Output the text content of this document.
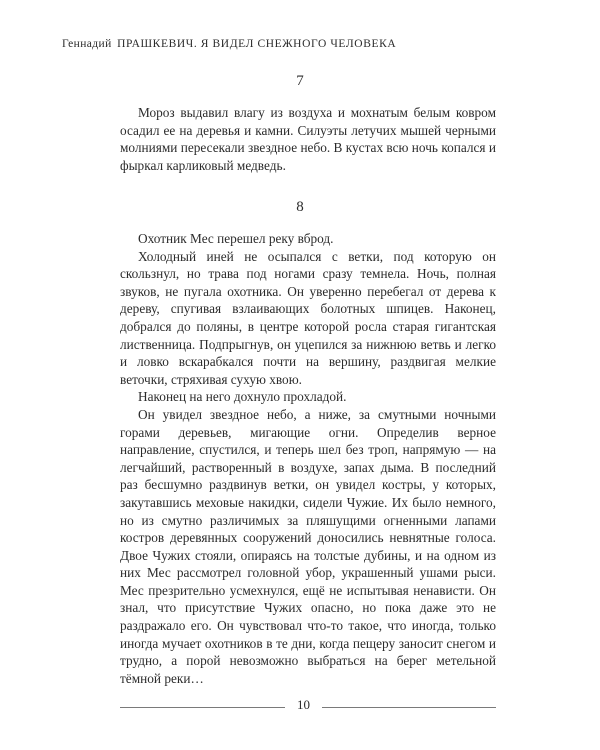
Геннадий ПРАШКЕВИЧ. Я ВИДЕЛ СНЕЖНОГО ЧЕЛОВЕКА
7

Мороз выдавил влагу из воздуха и мохнатым белым ковром осадил ее на деревья и камни. Силуэты летучих мышей черными молниями пересекали звездное небо. В кустах всю ночь копался и фыркал карликовый медведь.

8

Охотник Мес перешел реку вброд.

Холодный иней не осыпался с ветки, под которую он скользнул, но трава под ногами сразу темнела. Ночь, полная звуков, не пугала охотника. Он уверенно перебегал от дерева к дереву, спугивая взлаивающих болотных шпицев. Наконец, добрался до поляны, в центре которой росла старая гигантская лиственница. Подпрыгнув, он уцепился за нижнюю ветвь и легко и ловко вскарабкался почти на вершину, раздвигая мелкие веточки, стряхивая сухую хвою.

Наконец на него дохнуло прохладой.

Он увидел звездное небо, а ниже, за смутными ночными горами деревьев, мигающие огни. Определив верное направление, спустился, и теперь шел без троп, напрямую — на легчайший, растворенный в воздухе, запах дыма. В последний раз бесшумно раздвинув ветки, он увидел костры, у которых, закутавшись меховые накидки, сидели Чужие. Их было немного, но из смутно различимых за пляшущими огненными лапами костров деревянных сооружений доносились невнятные голоса. Двое Чужих стояли, опираясь на толстые дубины, и на одном из них Мес рассмотрел головной убор, украшенный ушами рыси. Мес презрительно усмехнулся, ещё не испытывая ненависти. Он знал, что присутствие Чужих опасно, но пока даже это не раздражало его. Он чувствовал что-то такое, что иногда, только иногда мучает охотников в те дни, когда пещеру заносит снегом и трудно, а порой невозможно выбраться на берег метельной тёмной реки…

10
